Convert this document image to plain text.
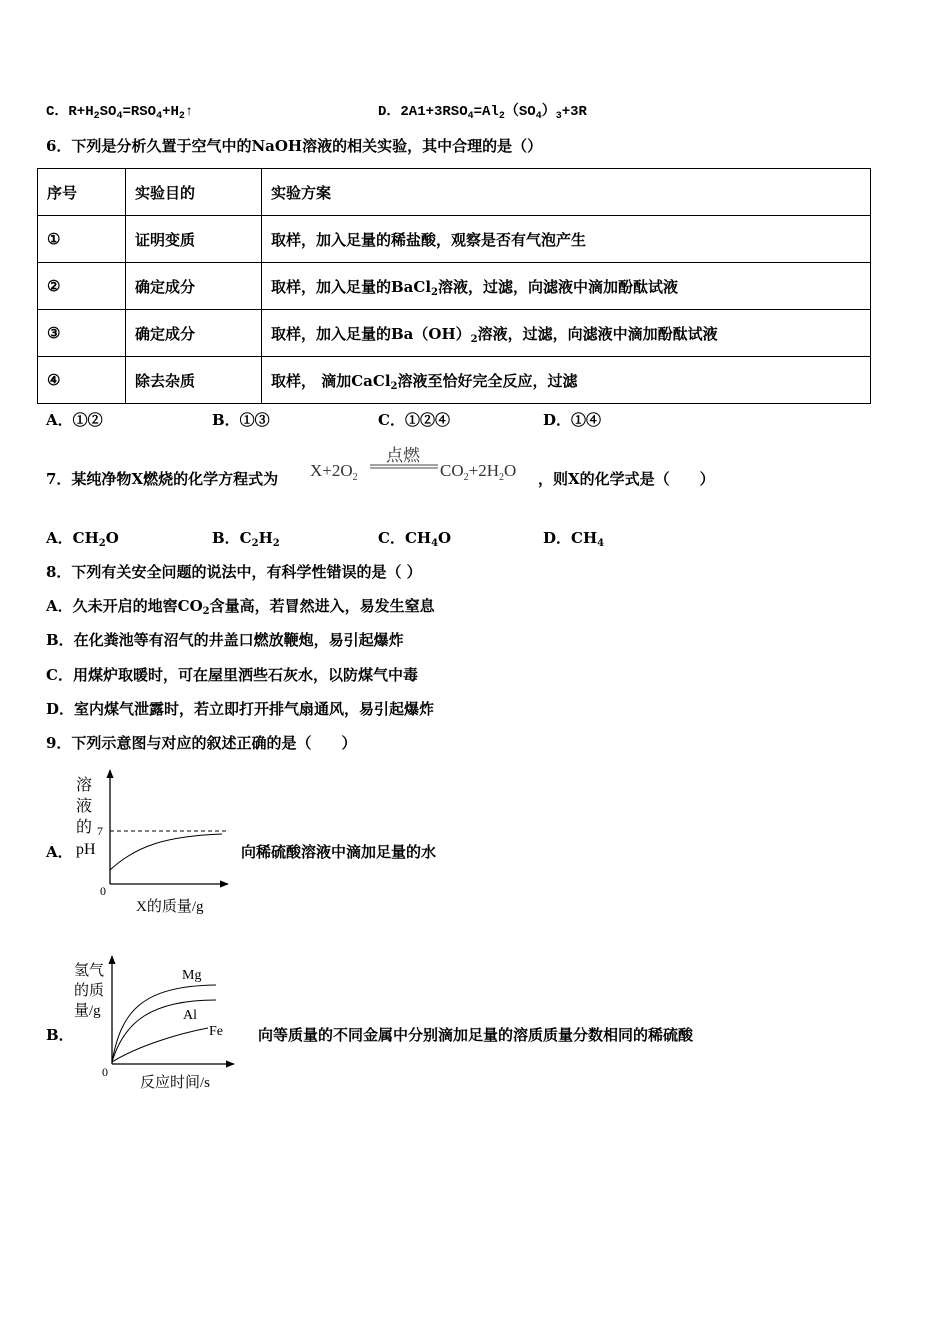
C．$R+H_2SO_4=RSO_4+H_2↑$	D．$2A1+3RSO_4=Al_2(SO_4)_3+3R$
6．下列是分析久置于空气中的NaOH溶液的相关实验，其中合理的是（）
序号	实验目的	实验方案
①	证明变质	取样，加入足量的稀盐酸，观察是否有气泡产生
②	确定成分	取样，加入足量的BaCl$_2$溶液，过滤，向滤液中滴加酚酞试液
③	确定成分	取样，加入足量的$Ba(OH)_2$溶液，过滤，向滤液中滴加酚酞试液
④	除去杂质	取样， 滴加CaCl$_2$溶液至恰好完全反应，过滤
A．①②	B．①③	C．①②④	D．①④
7．某纯净物X燃烧的化学方程式为
点燃
$X+2O_2$	$CO_2+2H_2O$ ，则X的化学式是（　　）
A．$CH_2O$	B．$C_2H_2$	C．$CH_4O$	D．$CH_4$
8．下列有关安全问题的说法中，有科学性错误的是（ ）
A．久未开启的地窖$CO_2$含量高，若冒然进入，易发生窒息
B．在化粪池等有沼气的井盖口燃放鞭炮，易引起爆炸
C．用煤炉取暖时，可在屋里洒些石灰水，以防煤气中毒
D．室内煤气泄露时，若立即打开排气扇通风，易引起爆炸
9．下列示意图与对应的叙述正确的是（　　）
A．
溶
液
的
pH
7
0
X的质量/g
向稀硫酸溶液中滴加足量的水
B．
氢气
的质
量/g
Mg
Al
Fe
0
反应时间/s
向等质量的不同金属中分别滴加足量的溶质质量分数相同的稀硫酸
